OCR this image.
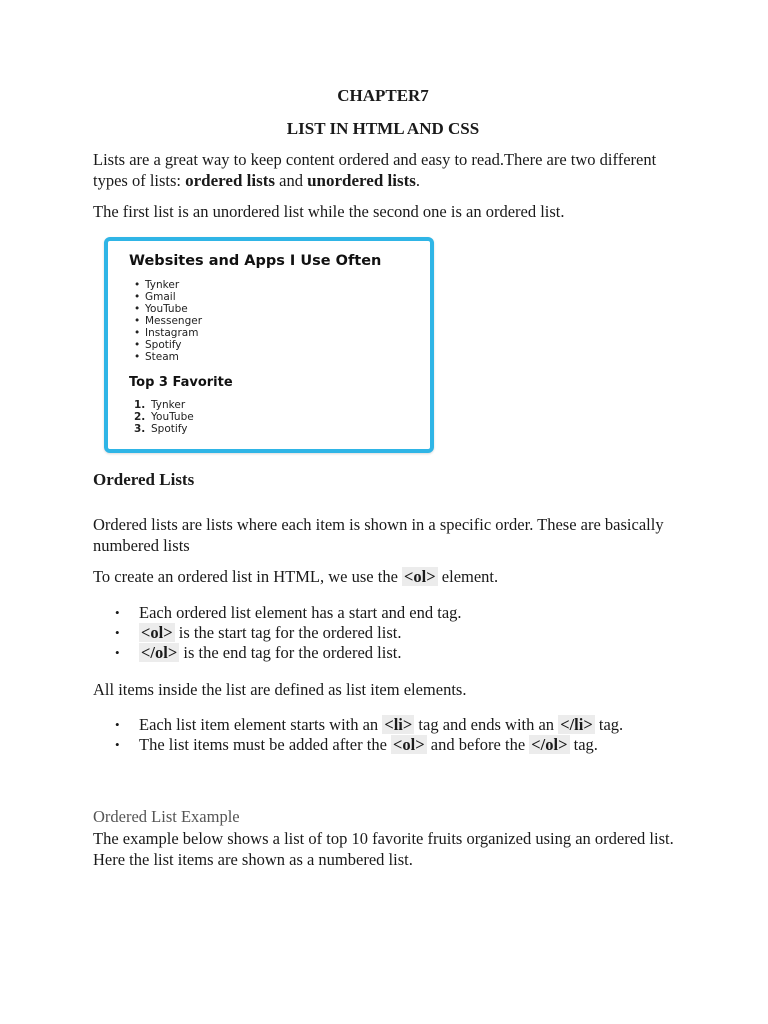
CHAPTER7
LIST IN HTML AND CSS

Lists are a great way to keep content ordered and easy to read.There are two different types of lists: ordered lists and unordered lists.

The first list is an unordered list while the second one is an ordered list.

Websites and Apps I Use Often
• Tynker
• Gmail
• YouTube
• Messenger
• Instagram
• Spotify
• Steam
Top 3 Favorite
1. Tynker
2. YouTube
3. Spotify
Ordered Lists

Ordered lists are lists where each item is shown in a specific order. These are basically numbered lists

To create an ordered list in HTML, we use the <ol> element.

• Each ordered list element has a start and end tag.
• <ol> is the start tag for the ordered list.
• </ol> is the end tag for the ordered list.

All items inside the list are defined as list item elements.

• Each list item element starts with an <li> tag and ends with an </li> tag.
• The list items must be added after the <ol> and before the </ol> tag.
Ordered List Example

The example below shows a list of top 10 favorite fruits organized using an ordered list. Here the list items are shown as a numbered list.
